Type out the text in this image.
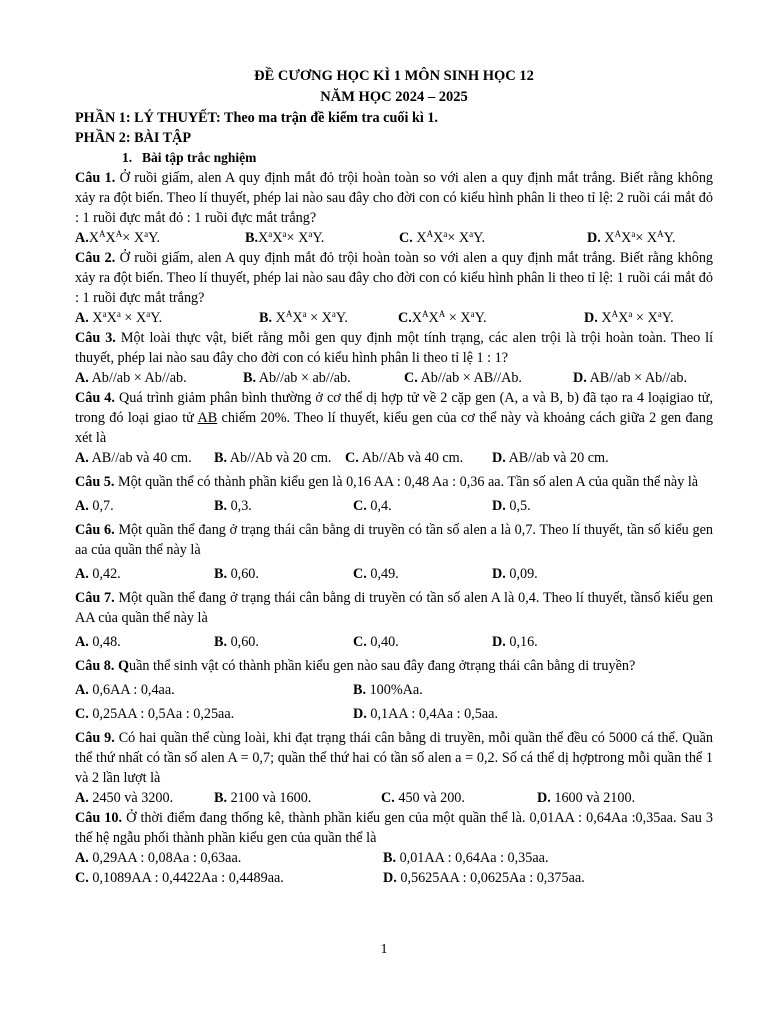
ĐỀ CƯƠNG HỌC KÌ 1 MÔN SINH HỌC 12
NĂM HỌC 2024 – 2025
PHẦN 1: LÝ THUYẾT: Theo ma trận đề kiểm tra cuối kì 1.
PHẦN 2: BÀI TẬP
1. Bài tập trắc nghiệm
Câu 1. Ở ruồi giấm, alen A quy định mắt đỏ trội hoàn toàn so với alen a quy định mắt trắng. Biết rằng không xảy ra đột biến. Theo lí thuyết, phép lai nào sau đây cho đời con có kiểu hình phân li theo tỉ lệ: 2 ruồi cái mắt đỏ : 1 ruồi đực mắt đỏ : 1 ruồi đực mắt trắng?
$A.X^AX^A\times X^aY$.	$B.X^aX^a\times X^aY$.	C. $X^AX^a\times X^aY$.	D. $X^AX^a\times X^AY$.
Câu 2. Ở ruồi giấm, alen A quy định mắt đỏ trội hoàn toàn so với alen a quy định mắt trắng. Biết rằng không xảy ra đột biến. Theo lí thuyết, phép lai nào sau đây cho đời con có kiểu hình phân li theo tỉ lệ: 1 ruồi cái mắt đỏ : 1 ruồi đực mắt trắng?
A. $X^aX^a \times X^aY$.	B. $X^AX^a \times X^aY$.	$C.X^AX^A \times X^aY$.	D. $X^AX^a \times X^aY$.
Câu 3. Một loài thực vật, biết rằng mỗi gen quy định một tính trạng, các alen trội là trội hoàn toàn. Theo lí thuyết, phép lai nào sau đây cho đời con có kiểu hình phân li theo tỉ lệ 1 : 1?
A. Ab//ab × Ab//ab.	B. Ab//ab × ab//ab.	C. Ab//ab × AB//Ab.	D. AB//ab × Ab//ab.
Câu 4. Quá trình giảm phân bình thường ở cơ thể dị hợp tử về 2 cặp gen (A, a và B, b) đã tạo ra 4 loạigiao tử, trong đó loại giao tử AB chiếm 20%. Theo lí thuyết, kiểu gen của cơ thể này và khoảng cách giữa 2 gen đang xét là
A. AB//ab và 40 cm. B. Ab//Ab và 20 cm. C. Ab//Ab và 40 cm. D. AB//ab và 20 cm.
Câu 5. Một quần thể có thành phần kiểu gen là 0,16 AA : 0,48 Aa : 0,36 aa. Tần số alen A của quần thể này là
A. 0,7.	B. 0,3.	C. 0,4.	D. 0,5.
Câu 6. Một quần thể đang ở trạng thái cân bằng di truyền có tần số alen a là 0,7. Theo lí thuyết, tần số kiểu gen aa của quần thể này là
A. 0,42.	B. 0,60.	C. 0,49.	D. 0,09.
Câu 7. Một quần thể đang ở trạng thái cân bằng di truyền có tần số alen A là 0,4. Theo lí thuyết, tầnsố kiểu gen AA của quần thể này là
A. 0,48.	B. 0,60.	C. 0,40.	D. 0,16.
Câu 8. Quần thể sinh vật có thành phần kiểu gen nào sau đây đang ởtrạng thái cân bằng di truyền?
A. 0,6AA : 0,4aa.	B. 100%Aa.
C. 0,25AA : 0,5Aa : 0,25aa.	D. 0,1AA : 0,4Aa : 0,5aa.
Câu 9. Có hai quần thể cùng loài, khi đạt trạng thái cân bằng di truyền, mỗi quần thể đều có 5000 cá thể. Quần thể thứ nhất có tần số alen A = 0,7; quần thể thứ hai có tần số alen a = 0,2. Số cá thể dị hợptrong mỗi quần thể 1 và 2 lần lượt là
A. 2450 và 3200.	B. 2100 và 1600.	C. 450 và 200.	D. 1600 và 2100.
Câu 10. Ở thời điểm đang thống kê, thành phần kiểu gen của một quần thể là. 0,01AA : 0,64Aa :0,35aa. Sau 3 thế hệ ngẫu phối thành phần kiểu gen của quần thể là
A. 0,29AA : 0,08Aa : 0,63aa.	B. 0,01AA : 0,64Aa : 0,35aa.
C. 0,1089AA : 0,4422Aa : 0,4489aa.	D. 0,5625AA : 0,0625Aa : 0,375aa.
1
